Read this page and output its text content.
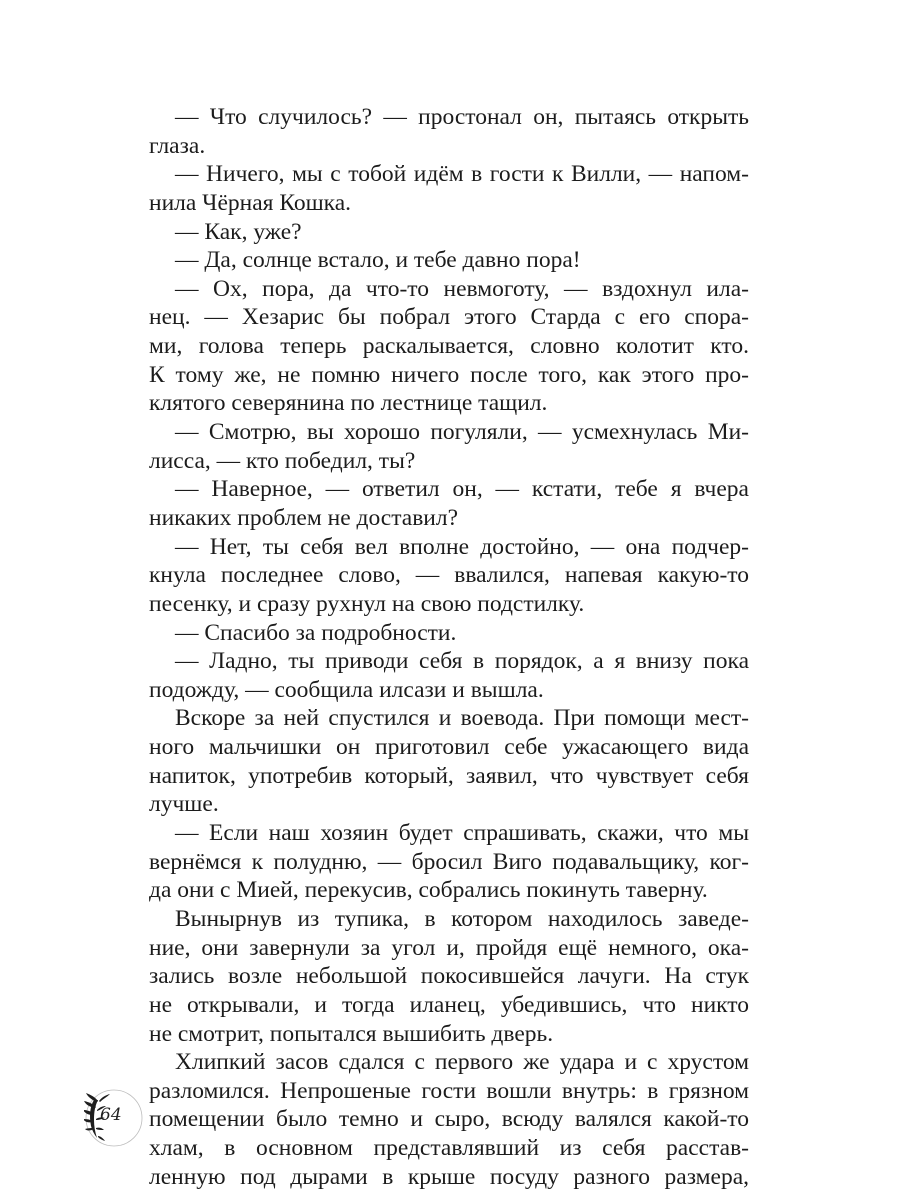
— Что случилось? — простонал он, пытаясь открыть
глаза.
— Ничего, мы с тобой идём в гости к Вилли, — напом-
нила Чёрная Кошка.
— Как, уже?
— Да, солнце встало, и тебе давно пора!
— Ох, пора, да что-то невмоготу, — вздохнул ила-
нец. — Хезарис бы побрал этого Старда с его спора-
ми, голова теперь раскалывается, словно колотит кто.
К тому же, не помню ничего после того, как этого про-
клятого северянина по лестнице тащил.
— Смотрю, вы хорошо погуляли, — усмехнулась Ми-
лисса, — кто победил, ты?
— Наверное, — ответил он, — кстати, тебе я вчера
никаких проблем не доставил?
— Нет, ты себя вел вполне достойно, — она подчер-
кнула последнее слово, — ввалился, напевая какую-то
песенку, и сразу рухнул на свою подстилку.
— Спасибо за подробности.
— Ладно, ты приводи себя в порядок, а я внизу пока
подожду, — сообщила илсази и вышла.
Вскоре за ней спустился и воевода. При помощи мест-
ного мальчишки он приготовил себе ужасающего вида
напиток, употребив который, заявил, что чувствует себя
лучше.
— Если наш хозяин будет спрашивать, скажи, что мы
вернёмся к полудню, — бросил Виго подавальщику, ког-
да они с Мией, перекусив, собрались покинуть таверну.
Вынырнув из тупика, в котором находилось заведе-
ние, они завернули за угол и, пройдя ещё немного, ока-
зались возле небольшой покосившейся лачуги. На стук
не открывали, и тогда иланец, убедившись, что никто
не смотрит, попытался вышибить дверь.
Хлипкий засов сдался с первого же удара и с хрустом
разломился. Непрошеные гости вошли внутрь: в грязном
помещении было темно и сыро, всюду валялся какой-то
хлам, в основном представлявший из себя расстав-
ленную под дырами в крыше посуду разного размера,
64
